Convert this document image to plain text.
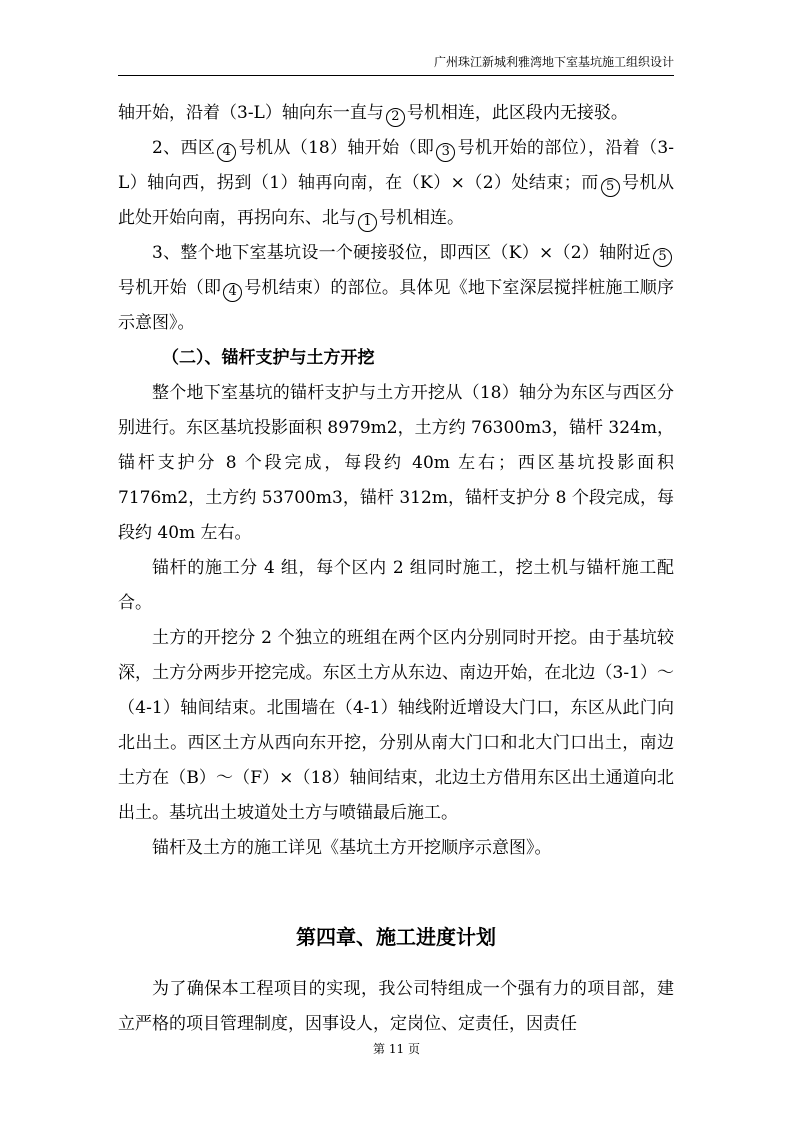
广州珠江新城利雅湾地下室基坑施工组织设计

轴开始，沿着（3-L）轴向东一直与 2 号机相连，此区段内无接驳。

2、西区 4 号机从（18）轴开始（即 3 号机开始的部位），沿着（3-L）轴向西，拐到（1）轴再向南，在（K）×（2）处结束；而 5 号机从此处开始向南，再拐向东、北与 1 号机相连。

3、整个地下室基坑设一个硬接驳位，即西区（K）×（2）轴附近 5号机开始（即 4 号机结束）的部位。具体见《地下室深层搅拌桩施工顺序示意图》。

（二）、锚杆支护与土方开挖

整个地下室基坑的锚杆支护与土方开挖从（18）轴分为东区与西区分别进行。东区基坑投影面积 8979m2，土方约 76300m3，锚杆 324m，锚杆支护分 8 个段完成，每段约 40m 左右；西区基坑投影面积 7176m2，土方约 53700m3，锚杆 312m，锚杆支护分 8 个段完成，每段约 40m 左右。

锚杆的施工分 4 组，每个区内 2 组同时施工，挖土机与锚杆施工配合。

土方的开挖分 2 个独立的班组在两个区内分别同时开挖。由于基坑较深，土方分两步开挖完成。东区土方从东边、南边开始，在北边（3-1）～（4-1）轴间结束。北围墙在（4-1）轴线附近增设大门口，东区从此门向北出土。西区土方从西向东开挖，分别从南大门口和北大门口出土，南边土方在（B）～（F）×（18）轴间结束，北边土方借用东区出土通道向北出土。基坑出土坡道处土方与喷锚最后施工。

锚杆及土方的施工详见《基坑土方开挖顺序示意图》。

第四章、施工进度计划

为了确保本工程项目的实现，我公司特组成一个强有力的项目部，建立严格的项目管理制度，因事设人，定岗位、定责任，因责任

第 11 页
